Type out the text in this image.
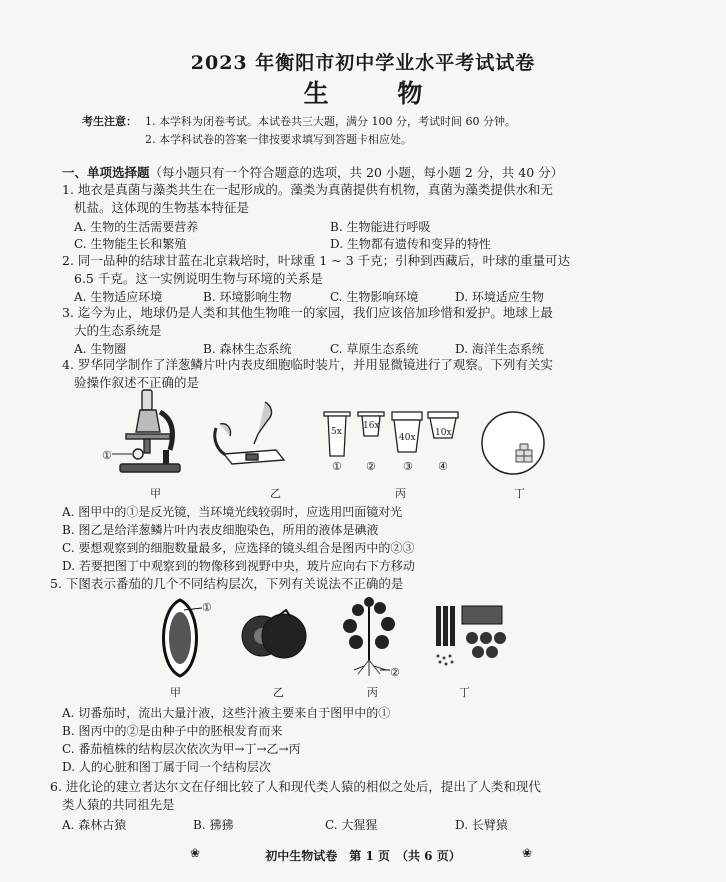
2023 年衡阳市初中学业水平考试试卷
生 物
考生注意： 1. 本学科为闭卷考试。本试卷共三大题，满分 100 分，考试时间 60 分钟。
2. 本学科试卷的答案一律按要求填写到答题卡相应处。
一、单项选择题（每小题只有一个符合题意的选项，共 20 小题，每小题 2 分，共 40 分）
1. 地衣是真菌与藻类共生在一起形成的。藻类为真菌提供有机物，真菌为藻类提供水和无
机盐。这体现的生物基本特征是
A. 生物的生活需要营养	B. 生物能进行呼吸
C. 生物能生长和繁殖	D. 生物都有遗传和变异的特性
2. 同一品种的结球甘蓝在北京栽培时，叶球重 1 ~ 3 千克；引种到西藏后，叶球的重量可达
6.5 千克。这一实例说明生物与环境的关系是
A. 生物适应环境	B. 环境影响生物	C. 生物影响环境	D. 环境适应生物
3. 迄今为止，地球仍是人类和其他生物唯一的家园，我们应该倍加珍惜和爱护。地球上最
大的生态系统是
A. 生物圈	B. 森林生态系统	C. 草原生态系统	D. 海洋生态系统
4. 罗华同学制作了洋葱鳞片叶内表皮细胞临时装片，并用显微镜进行了观察。下列有关实
验操作叙述不正确的是
①
5x
16x
40x 10x
① ② ③ ④
甲	乙	丙	丁
A. 图甲中的①是反光镜，当环境光线较弱时，应选用凹面镜对光
B. 图乙是给洋葱鳞片叶内表皮细胞染色，所用的液体是碘液
C. 要想观察到的细胞数量最多，应选择的镜头组合是图丙中的②③
D. 若要把图丁中观察到的物像移到视野中央，玻片应向右下方移动
5. 下图表示番茄的几个不同结构层次，下列有关说法不正确的是
①
②
甲	乙	丙	丁
A. 切番茄时，流出大量汁液，这些汁液主要来自于图甲中的①
B. 图丙中的②是由种子中的胚根发育而来
C. 番茄植株的结构层次依次为甲→丁→乙→丙
D. 人的心脏和图丁属于同一个结构层次
6. 进化论的建立者达尔文在仔细比较了人和现代类人猿的相似之处后，提出了人类和现代
类人猿的共同祖先是
A. 森林古猿	B. 狒狒	C. 大猩猩	D. 长臂猿
❀	初中生物试卷　第 1 页　（共 6 页）	❀
